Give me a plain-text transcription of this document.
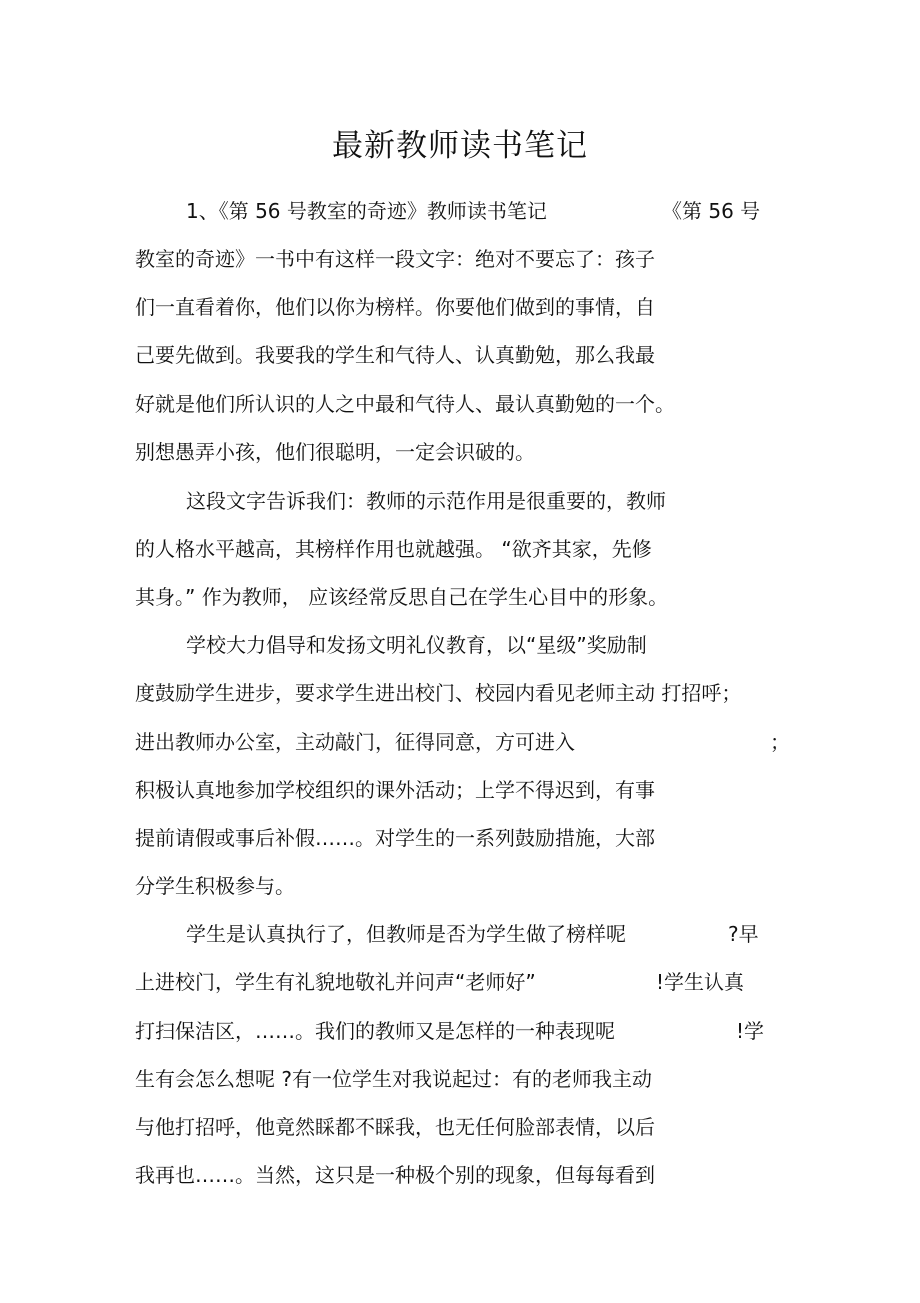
最新教师读书笔记
1、《第 56 号教室的奇迹》教师读书笔记	《第 56 号
教室的奇迹》一书中有这样一段文字：绝对不要忘了：孩子
们一直看着你，他们以你为榜样。你要他们做到的事情，自
己要先做到。我要我的学生和气待人、认真勤勉，那么我最
好就是他们所认识的人之中最和气待人、最认真勤勉的一个。
别想愚弄小孩，他们很聪明，一定会识破的。
这段文字告诉我们：教师的示范作用是很重要的，教师
的人格水平越高，其榜样作用也就越强。 “欲齐其家，先修
其身。” 作为教师， 应该经常反思自己在学生心目中的形象。
学校大力倡导和发扬文明礼仪教育，以“星级”奖励制
度鼓励学生进步，要求学生进出校门、校园内看见老师主动 打招呼；
进出教师办公室，主动敲门，征得同意，方可进入	；
积极认真地参加学校组织的课外活动；上学不得迟到，有事
提前请假或事后补假……。对学生的一系列鼓励措施，大部
分学生积极参与。
学生是认真执行了，但教师是否为学生做了榜样呢	?早
上进校门，学生有礼貌地敬礼并问声“老师好”	!学生认真
打扫保洁区，……。我们的教师又是怎样的一种表现呢	!学
生有会怎么想呢 ?有一位学生对我说起过：有的老师我主动
与他打招呼，他竟然睬都不睬我，也无任何脸部表情，以后
我再也……。当然，这只是一种极个别的现象，但每每看到
